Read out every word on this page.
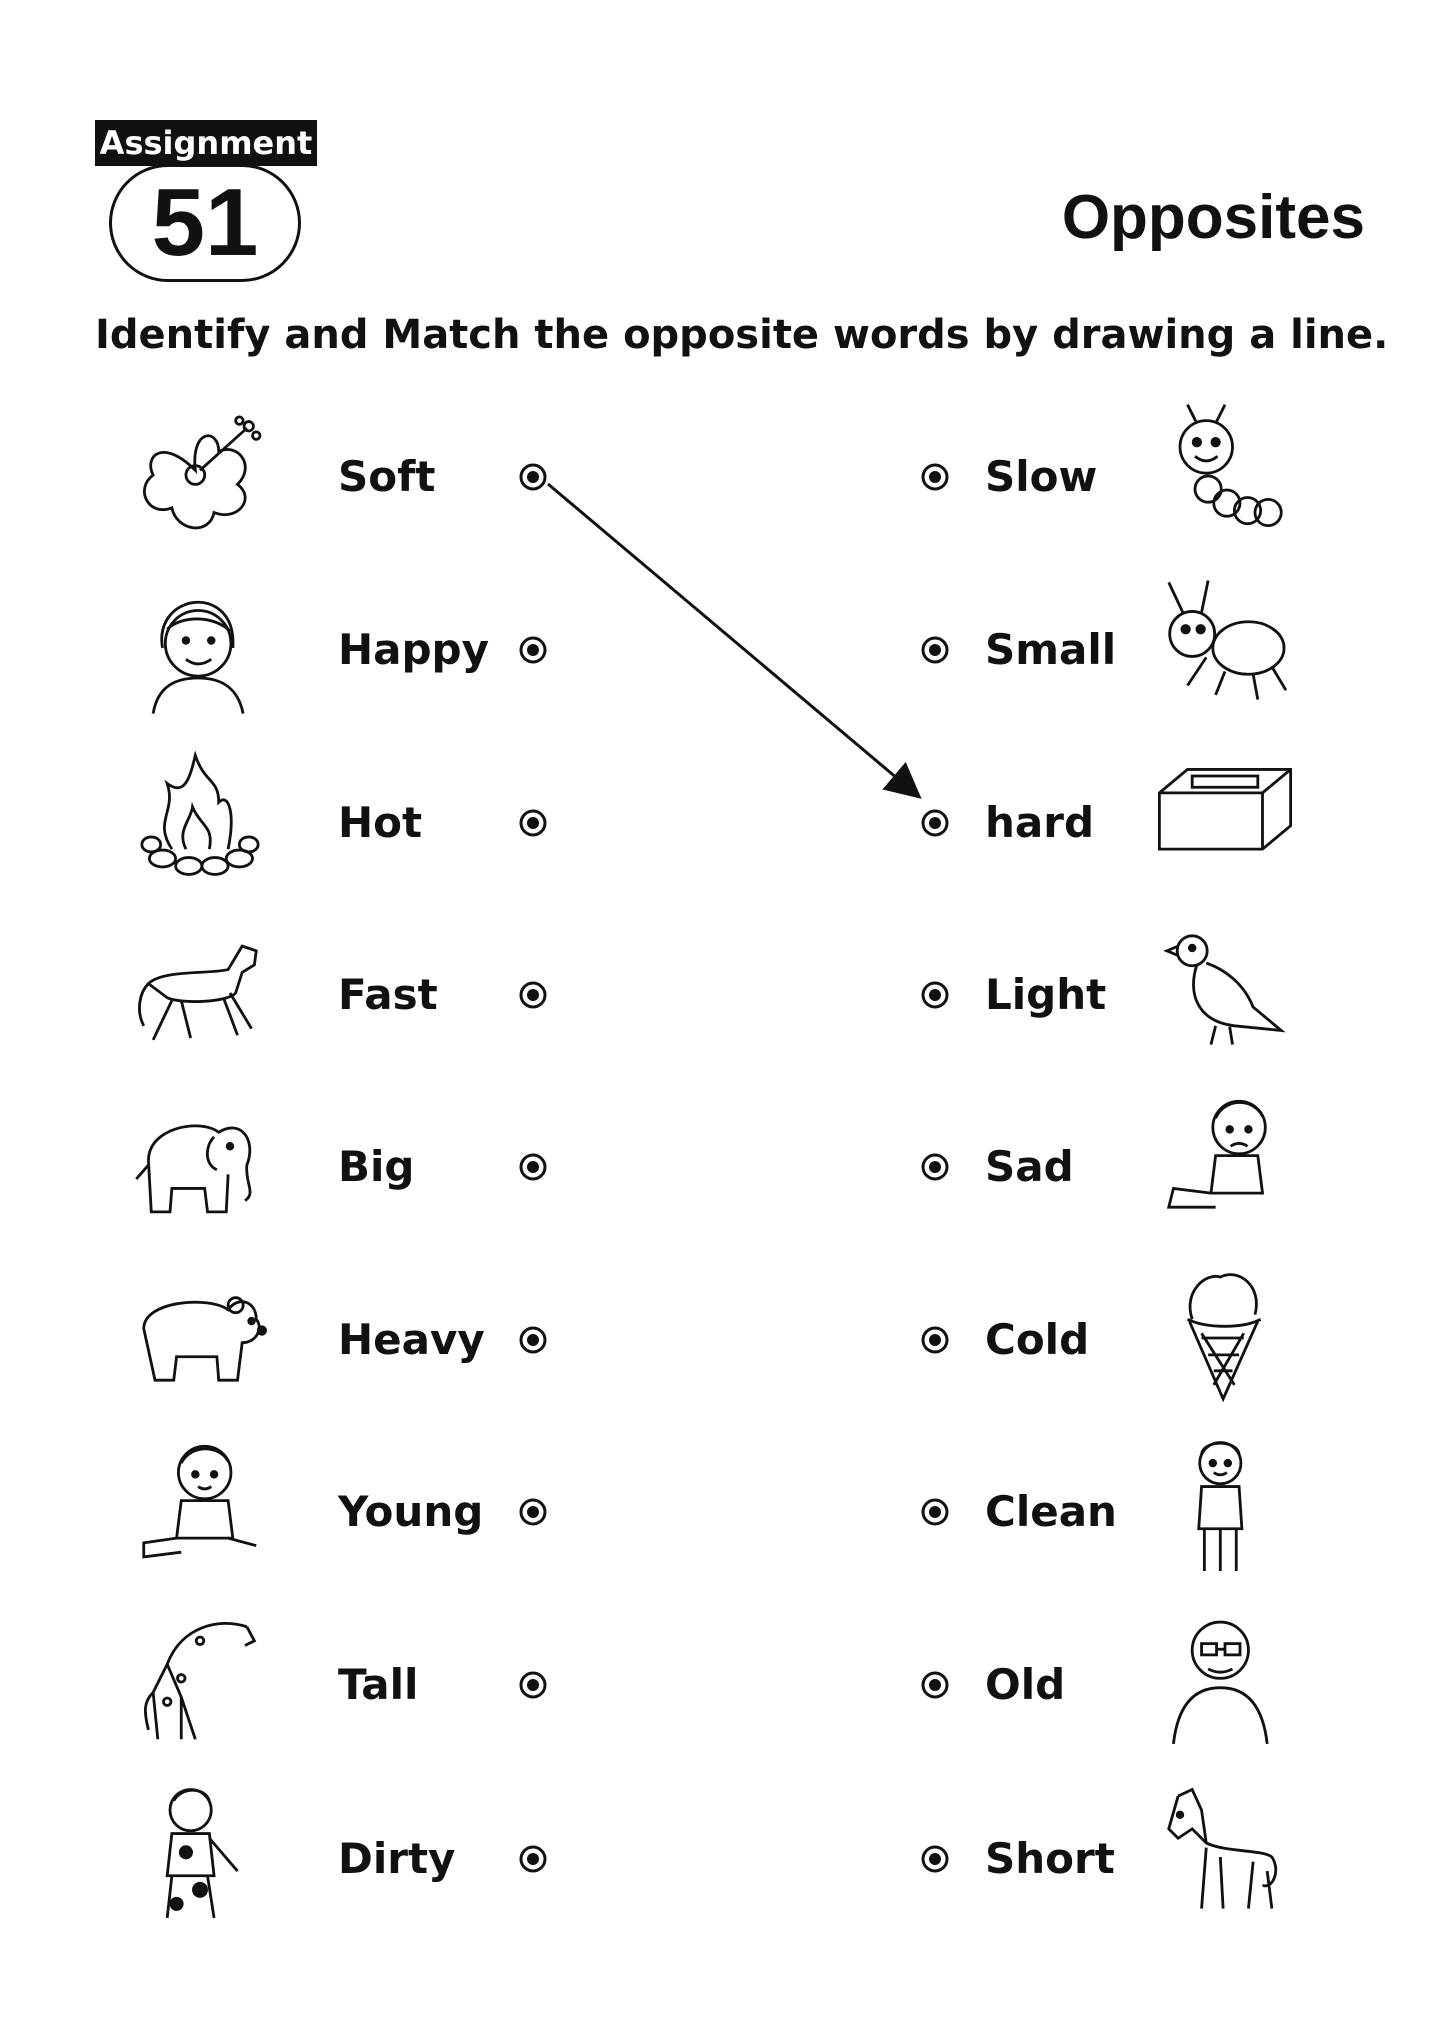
Assignment
51	Opposites
Identify and Match the opposite words by drawing a line.
Soft	Slow
Happy	Small
Hot	hard
Fast	Light
Big	Sad
Heavy	Cold
Young	Clean
Tall	Old
Dirty	Short
